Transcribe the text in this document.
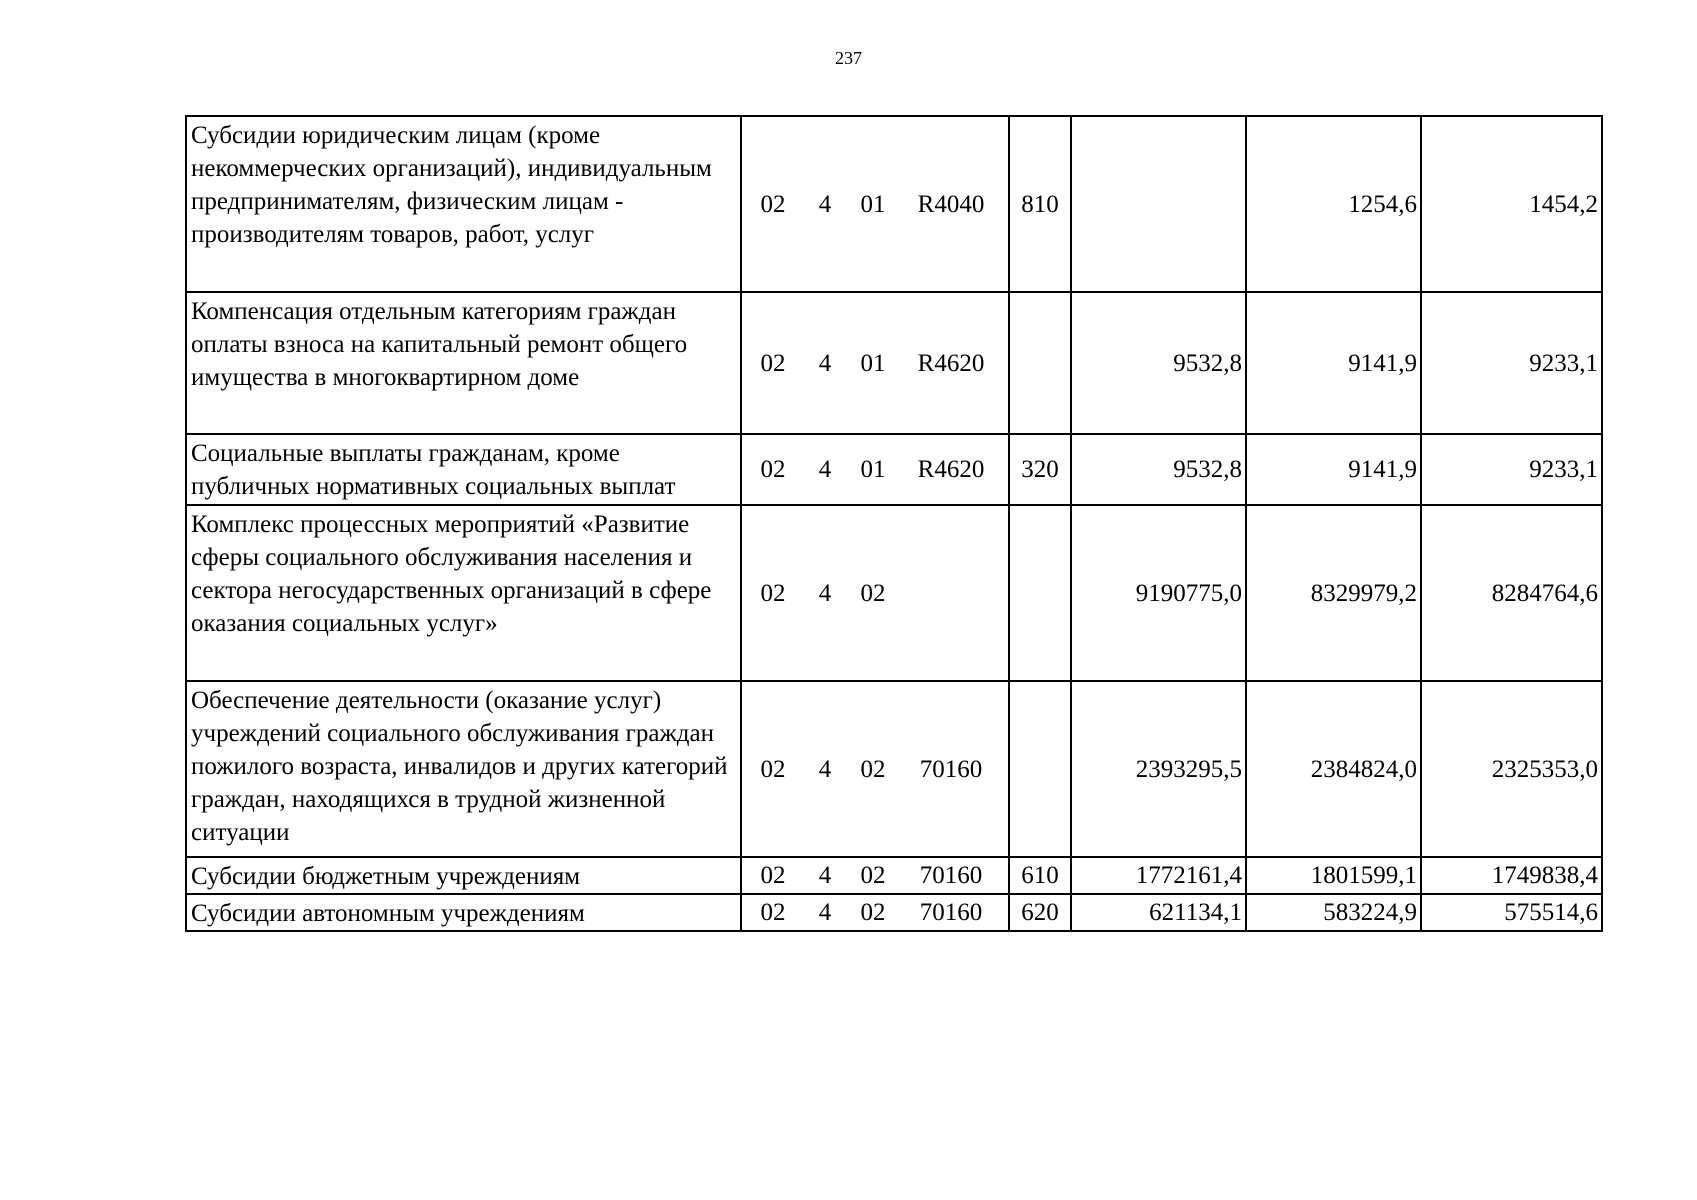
237
Субсидии юридическим лицам (кроме некоммерческих организаций), индивидуальным предпринимателям, физическим лицам - производителям товаров, работ, услуг	02 4 01 R4040	810		1254,6	1454,2
Компенсация отдельным категориям граждан оплаты взноса на капитальный ремонт общего имущества в многоквартирном доме	02 4 01 R4620		9532,8	9141,9	9233,1
Социальные выплаты гражданам, кроме публичных нормативных социальных выплат	02 4 01 R4620	320	9532,8	9141,9	9233,1
Комплекс процессных мероприятий «Развитие сферы социального обслуживания населения и сектора негосударственных организаций в сфере оказания социальных услуг»	02 4 02		9190775,0	8329979,2	8284764,6
Обеспечение деятельности (оказание услуг) учреждений социального обслуживания граждан пожилого возраста, инвалидов и других категорий граждан, находящихся в трудной жизненной ситуации	02 4 02 70160		2393295,5	2384824,0	2325353,0
Субсидии бюджетным учреждениям	02 4 02 70160	610	1772161,4	1801599,1	1749838,4
Субсидии автономным учреждениям	02 4 02 70160	620	621134,1	583224,9	575514,6
